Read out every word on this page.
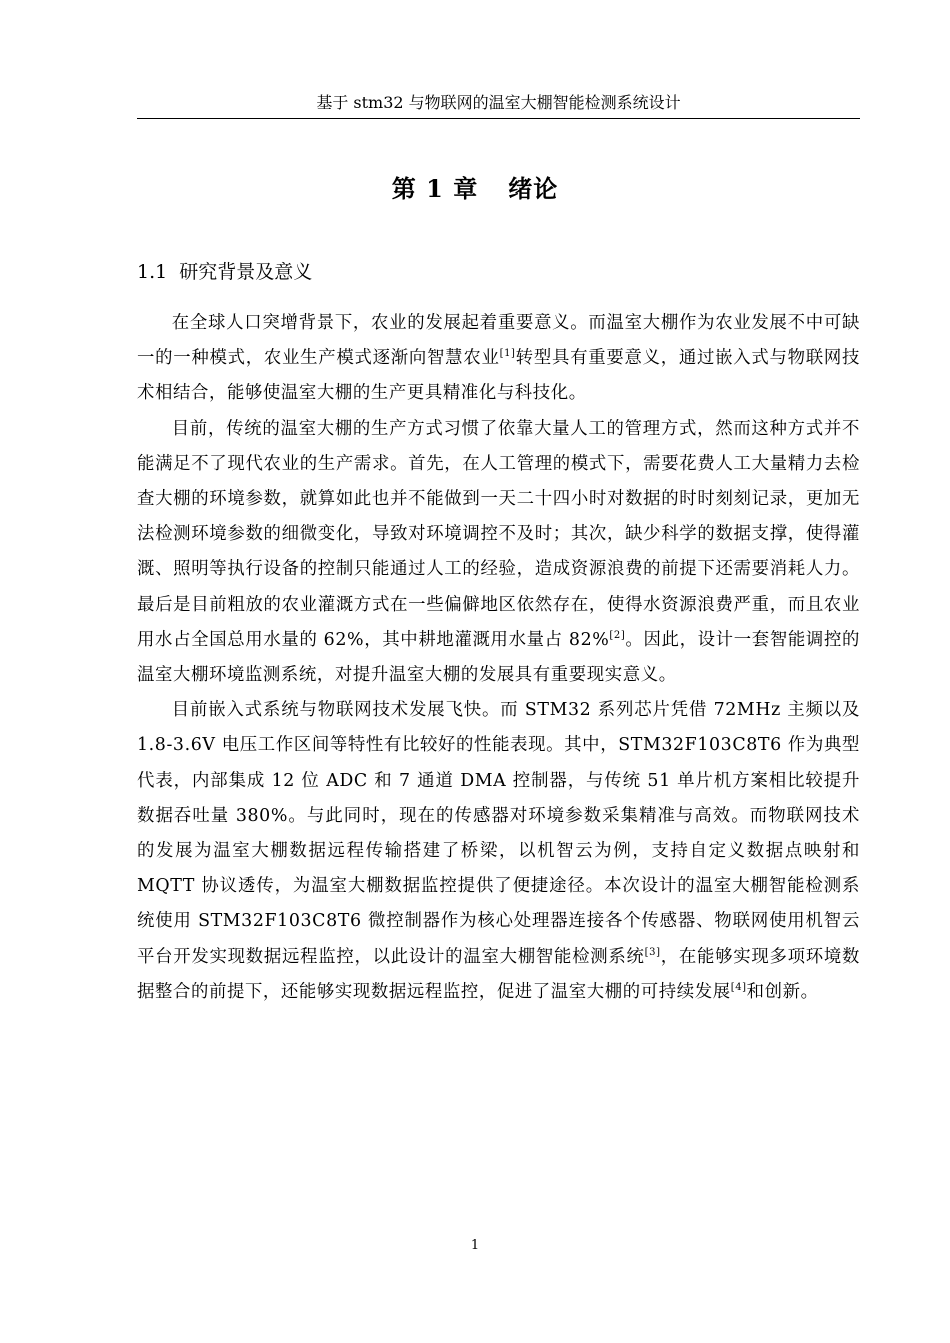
基于 stm32 与物联网的温室大棚智能检测系统设计
第 1 章 绪论
1.1 研究背景及意义

在全球人口突增背景下，农业的发展起着重要意义。而温室大棚作为农业发展不中可缺一的一种模式，农业生产模式逐渐向智慧农业[1]转型具有重要意义，通过嵌入式与物联网技术相结合，能够使温室大棚的生产更具精准化与科技化。

目前，传统的温室大棚的生产方式习惯了依靠大量人工的管理方式，然而这种方式并不能满足不了现代农业的生产需求。首先，在人工管理的模式下，需要花费人工大量精力去检查大棚的环境参数，就算如此也并不能做到一天二十四小时对数据的时时刻刻记录，更加无法检测环境参数的细微变化，导致对环境调控不及时；其次，缺少科学的数据支撑，使得灌溉、照明等执行设备的控制只能通过人工的经验，造成资源浪费的前提下还需要消耗人力。最后是目前粗放的农业灌溉方式在一些偏僻地区依然存在，使得水资源浪费严重，而且农业用水占全国总用水量的 62%，其中耕地灌溉用水量占 82%[2]。因此，设计一套智能调控的温室大棚环境监测系统，对提升温室大棚的发展具有重要现实意义。

目前嵌入式系统与物联网技术发展飞快。而 STM32 系列芯片凭借 72MHz 主频以及 1.8-3.6V 电压工作区间等特性有比较好的性能表现。其中，STM32F103C8T6 作为典型代表，内部集成 12 位 ADC 和 7 通道 DMA 控制器，与传统 51 单片机方案相比较提升数据吞吐量 380%。与此同时，现在的传感器对环境参数采集精准与高效。而物联网技术的发展为温室大棚数据远程传输搭建了桥梁，以机智云为例，支持自定义数据点映射和 MQTT 协议透传，为温室大棚数据监控提供了便捷途径。本次设计的温室大棚智能检测系统使用 STM32F103C8T6 微控制器作为核心处理器连接各个传感器、物联网使用机智云平台开发实现数据远程监控，以此设计的温室大棚智能检测系统[3]，在能够实现多项环境数据整合的前提下，还能够实现数据远程监控，促进了温室大棚的可持续发展[4]和创新。

1
